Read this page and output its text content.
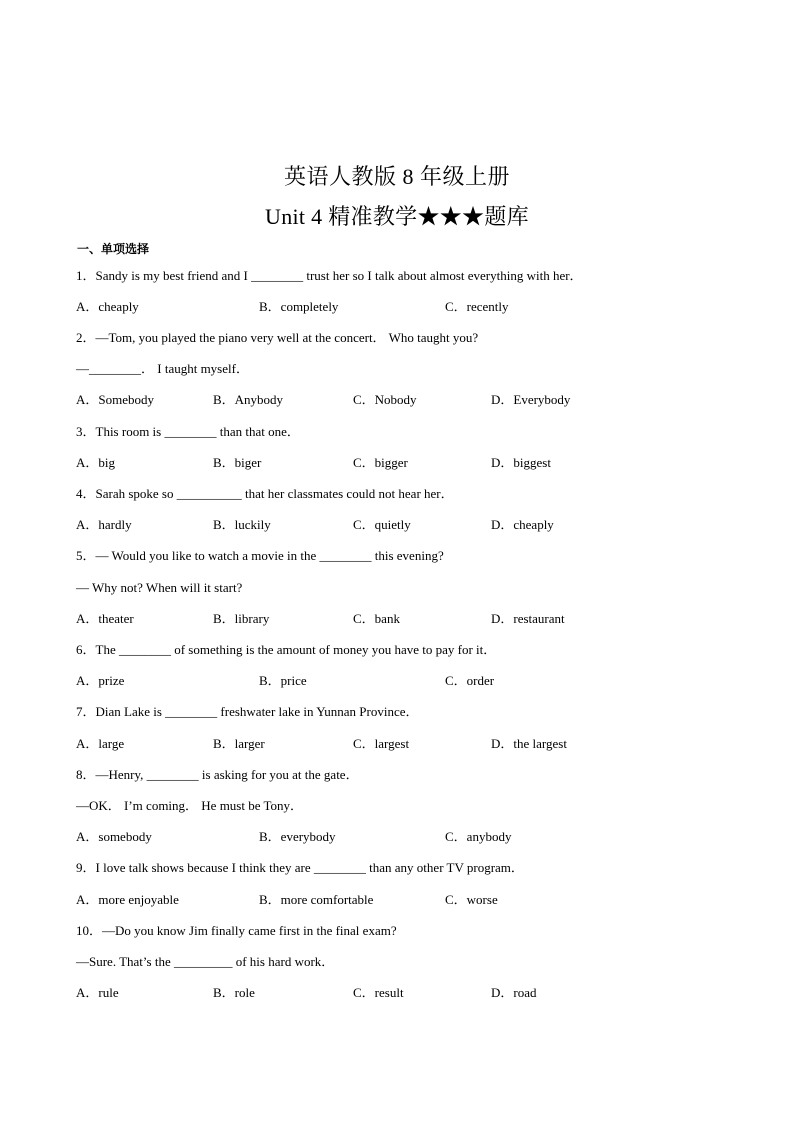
英语人教版 8 年级上册
Unit 4 精准教学★★★题库
一、单项选择
1．Sandy is my best friend and I ________ trust her so I talk about almost everything with her．
A．cheaply	B．completely	C．recently
2．—Tom, you played the piano very well at the concert． Who taught you?
—________． I taught myself．
A．Somebody	B．Anybody	C．Nobody	D．Everybody
3．This room is ________ than that one．
A．big	B．biger	C．bigger	D．biggest
4．Sarah spoke so __________ that her classmates could not hear her．
A．hardly	B．luckily	C．quietly	D．cheaply
5．— Would you like to watch a movie in the ________ this evening?
— Why not? When will it start?
A．theater	B．library	C．bank	D．restaurant
6．The ________ of something is the amount of money you have to pay for it．
A．prize	B．price	C．order
7．Dian Lake is ________ freshwater lake in Yunnan Province．
A．large	B．larger	C．largest	D．the largest
8．—Henry, ________ is asking for you at the gate．
—OK． I’m coming． He must be Tony．
A．somebody	B．everybody	C．anybody
9．I love talk shows because I think they are ________ than any other TV program．
A．more enjoyable	B．more comfortable	C．worse
10．—Do you know Jim finally came first in the final exam?
—Sure. That’s the _________ of his hard work．
A．rule	B．role	C．result	D．road
